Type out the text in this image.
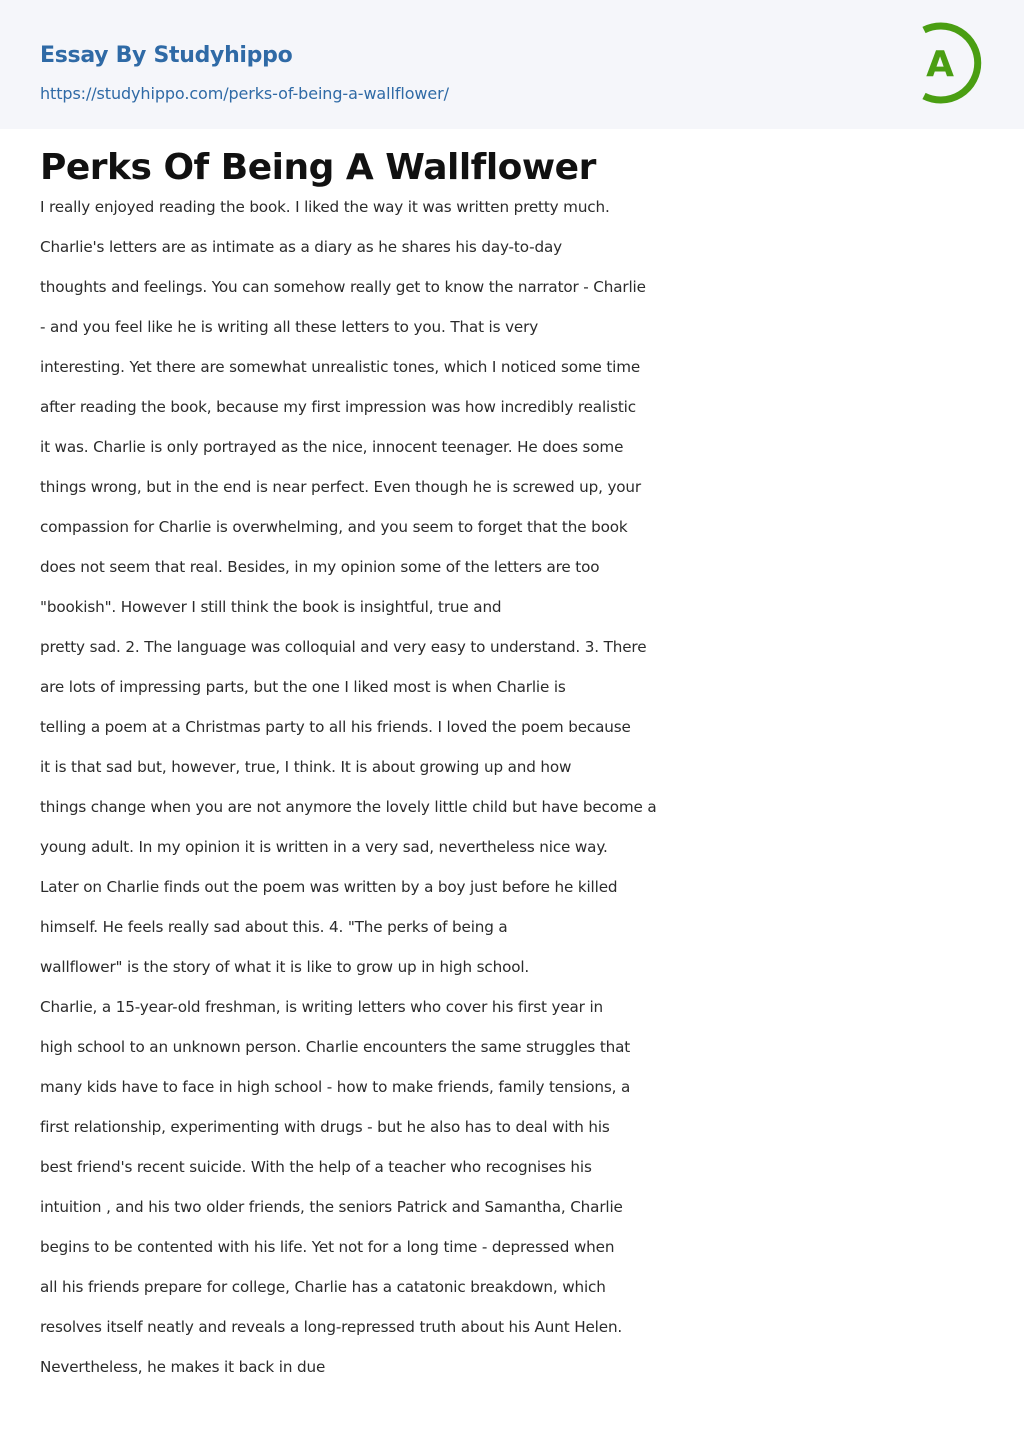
Essay By Studyhippo
https://studyhippo.com/perks-of-being-a-wallflower/
A
Perks Of Being A Wallflower
I really enjoyed reading the book. I liked the way it was written pretty much.
Charlie's letters are as intimate as a diary as he shares his day-to-day
thoughts and feelings. You can somehow really get to know the narrator - Charlie
- and you feel like he is writing all these letters to you. That is very
interesting. Yet there are somewhat unrealistic tones, which I noticed some time
after reading the book, because my first impression was how incredibly realistic
it was. Charlie is only portrayed as the nice, innocent teenager. He does some
things wrong, but in the end is near perfect. Even though he is screwed up, your
compassion for Charlie is overwhelming, and you seem to forget that the book
does not seem that real. Besides, in my opinion some of the letters are too
"bookish". However I still think the book is insightful, true and
pretty sad. 2. The language was colloquial and very easy to understand. 3. There
are lots of impressing parts, but the one I liked most is when Charlie is
telling a poem at a Christmas party to all his friends. I loved the poem because
it is that sad but, however, true, I think. It is about growing up and how
things change when you are not anymore the lovely little child but have become a
young adult. In my opinion it is written in a very sad, nevertheless nice way.
Later on Charlie finds out the poem was written by a boy just before he killed
himself. He feels really sad about this. 4. "The perks of being a
wallflower" is the story of what it is like to grow up in high school.
Charlie, a 15-year-old freshman, is writing letters who cover his first year in
high school to an unknown person. Charlie encounters the same struggles that
many kids have to face in high school - how to make friends, family tensions, a
first relationship, experimenting with drugs - but he also has to deal with his
best friend's recent suicide. With the help of a teacher who recognises his
intuition , and his two older friends, the seniors Patrick and Samantha, Charlie
begins to be contented with his life. Yet not for a long time - depressed when
all his friends prepare for college, Charlie has a catatonic breakdown, which
resolves itself neatly and reveals a long-repressed truth about his Aunt Helen.
Nevertheless, he makes it back in due
